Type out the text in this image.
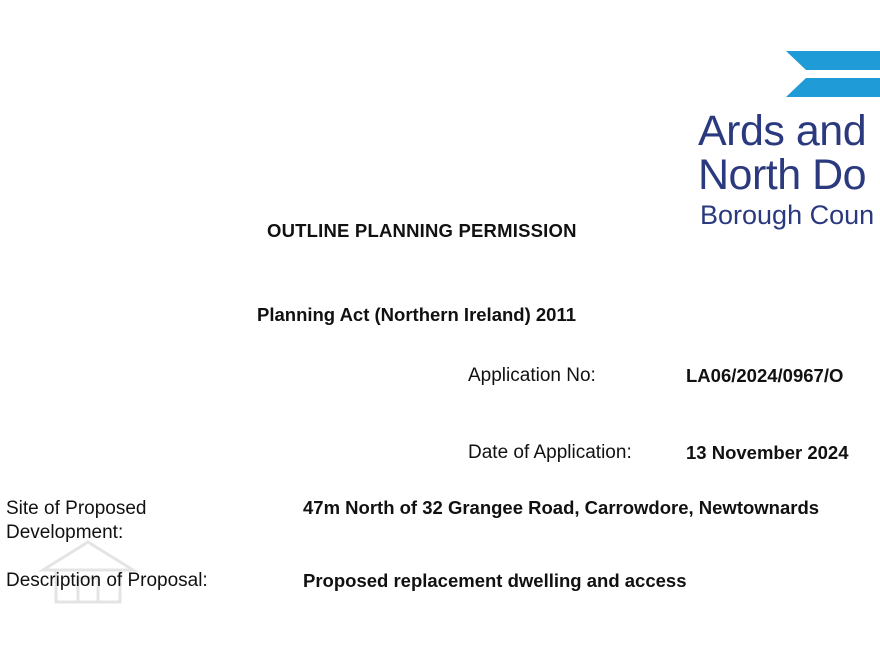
Ards and
North Do
Borough Coun
OUTLINE PLANNING PERMISSION
Planning Act (Northern Ireland) 2011
Application No:	LA06/2024/0967/O
Date of Application:	13 November 2024
Site of Proposed Development:
47m North of 32 Grangee Road, Carrowdore, Newtownards
Description of Proposal:	Proposed replacement dwelling and access
